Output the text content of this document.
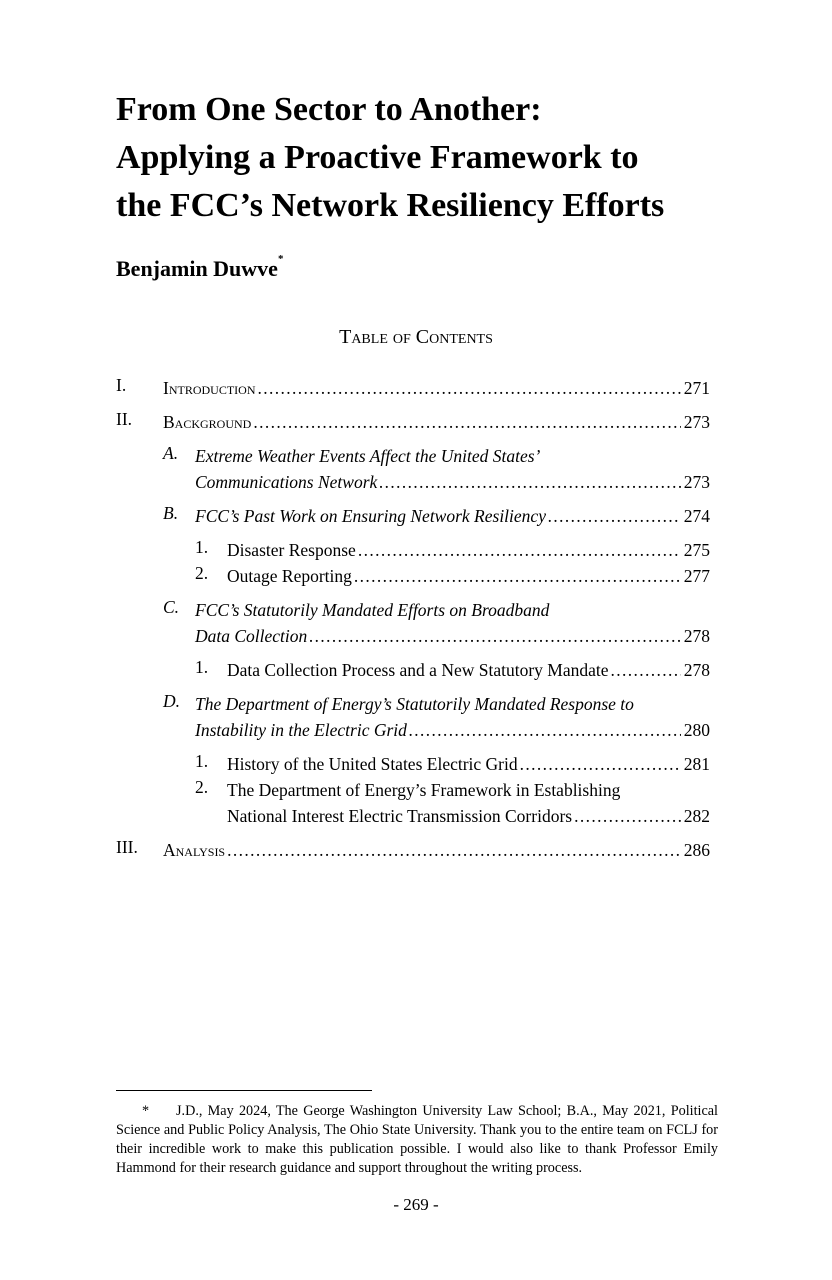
From One Sector to Another:
Applying a Proactive Framework to
the FCC’s Network Resiliency Efforts
Benjamin Duwve*
Table of Contents
I. Introduction . . .	271
II. Background . . .	273
A. Extreme Weather Events Affect the United States’
Communications Network . . .	273
B. FCC’s Past Work on Ensuring Network Resiliency . . .	274
1. Disaster Response . . .	275
2. Outage Reporting . . .	277
C. FCC’s Statutorily Mandated Efforts on Broadband
Data Collection . . .	278
1. Data Collection Process and a New Statutory Mandate . . .	278
D. The Department of Energy’s Statutorily Mandated Response to
Instability in the Electric Grid . . .	280
1. History of the United States Electric Grid . . .	281
2.	The Department of Energy’s Framework in Establishing
National Interest Electric Transmission Corridors . . .	282
III. Analysis . . .	286

* J.D., May 2024, The George Washington University Law School; B.A., May 2021, Political Science and Public Policy Analysis, The Ohio State University. Thank you to the entire team on FCLJ for their incredible work to make this publication possible. I would also like to thank Professor Emily Hammond for their research guidance and support throughout the writing process.

- 269 -
